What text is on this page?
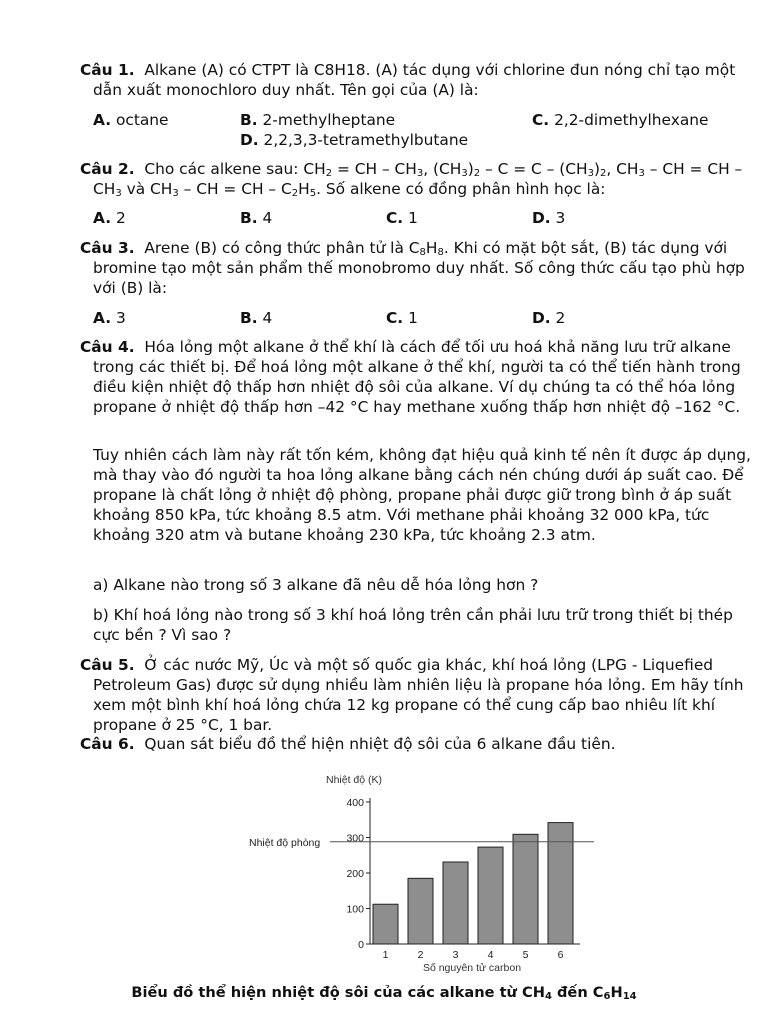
Câu 1. Alkane (A) có CTPT là C8H18. (A) tác dụng với chlorine đun nóng chỉ tạo một dẫn xuất monochloro duy nhất. Tên gọi của (A) là:
A. octane	B. 2-methylheptane	C. 2,2-dimethylhexane
D. 2,2,3,3-tetramethylbutane
Câu 2. Cho các alkene sau: $CH_2$ = CH – $CH_3$, $(CH_3)_2 - C = C - (CH_3)_2$, $CH_3$ – CH = CH – $CH_3$ và $CH_3$ – CH = CH – $C_2H_5$. Số alkene có đồng phân hình học là:
A. 2	B. 4	C. 1	D. 3
Câu 3. Arene (B) có công thức phân tử là $C_8H_8$. Khi có mặt bột sắt, (B) tác dụng với bromine tạo một sản phẩm thế monobromo duy nhất. Số công thức cấu tạo phù hợp với (B) là:
A. 3	B. 4	C. 1	D. 2
Câu 4. Hóa lỏng một alkane ở thể khí là cách để tối ưu hoá khả năng lưu trữ alkane trong các thiết bị. Để hoá lỏng một alkane ở thể khí, người ta có thể tiến hành trong điều kiện nhiệt độ thấp hơn nhiệt độ sôi của alkane. Ví dụ chúng ta có thể hóa lỏng propane ở nhiệt độ thấp hơn –42 °C hay methane xuống thấp hơn nhiệt độ –162 °C.
Tuy nhiên cách làm này rất tốn kém, không đạt hiệu quả kinh tế nên ít được áp dụng, mà thay vào đó người ta hoa lỏng alkane bằng cách nén chúng dưới áp suất cao. Để propane là chất lỏng ở nhiệt độ phòng, propane phải được giữ trong bình ở áp suất khoảng 850 kPa, tức khoảng 8.5 atm. Với methane phải khoảng 32 000 kPa, tức khoảng 320 atm và butane khoảng 230 kPa, tức khoảng 2.3 atm.
a) Alkane nào trong số 3 alkane đã nêu dễ hóa lỏng hơn ?
b) Khí hoá lỏng nào trong số 3 khí hoá lỏng trên cần phải lưu trữ trong thiết bị thép cực bền ? Vì sao ?
Câu 5. Ở các nước Mỹ, Úc và một số quốc gia khác, khí hoá lỏng (LPG - Liquefied Petroleum Gas) được sử dụng nhiều làm nhiên liệu là propane hóa lỏng. Em hãy tính xem một bình khí hoá lỏng chứa 12 kg propane có thể cung cấp bao nhiêu lít khí propane ở 25 °C, 1 bar.
Câu 6. Quan sát biểu đồ thể hiện nhiệt độ sôi của 6 alkane đầu tiên.
Nhiệt độ (K)
1	2	3	4	5	6
0
100
200
300
400
Nhiệt độ phòng
Số nguyên tử carbon
Biểu đồ thể hiện nhiệt độ sôi của các alkane từ $CH_4$ đến $C_6H_{14}$
